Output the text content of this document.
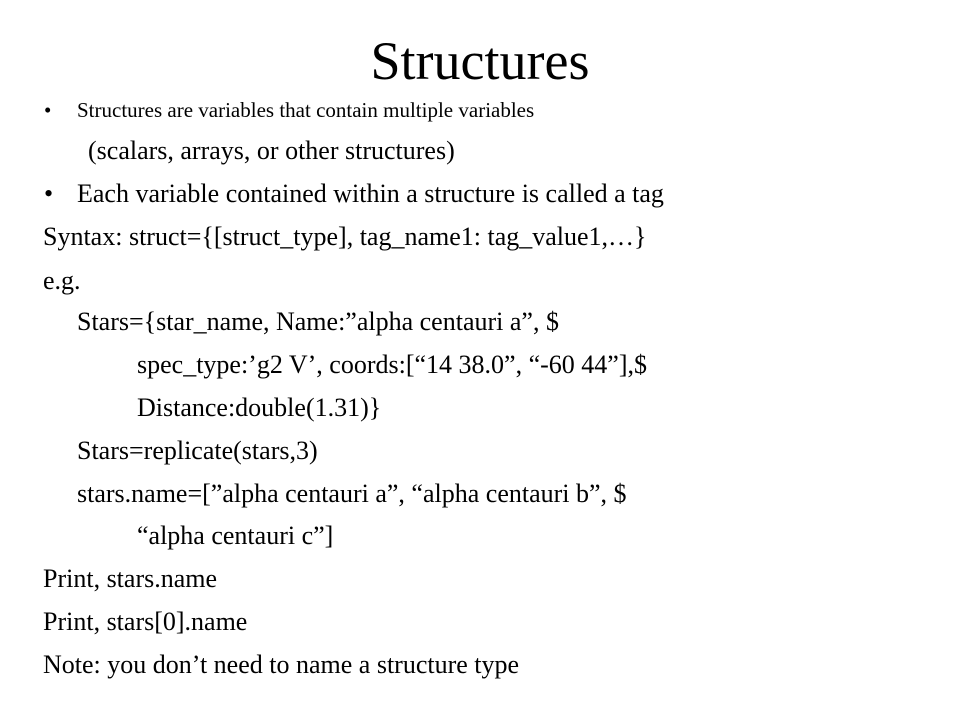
Structures
• Structures are variables that contain multiple variables
(scalars, arrays, or other structures)
• Each variable contained within a structure is called a tag
Syntax: struct={[struct_type], tag_name1: tag_value1,…}
e.g.
Stars={star_name, Name:”alpha centauri a”, $
spec_type:’g2 V’, coords:[“14 38.0”, “-60 44”],$
Distance:double(1.31)}
Stars=replicate(stars,3)
stars.name=[”alpha centauri a”, “alpha centauri b”, $
“alpha centauri c”]
Print, stars.name
Print, stars[0].name
Note: you don’t need to name a structure type
